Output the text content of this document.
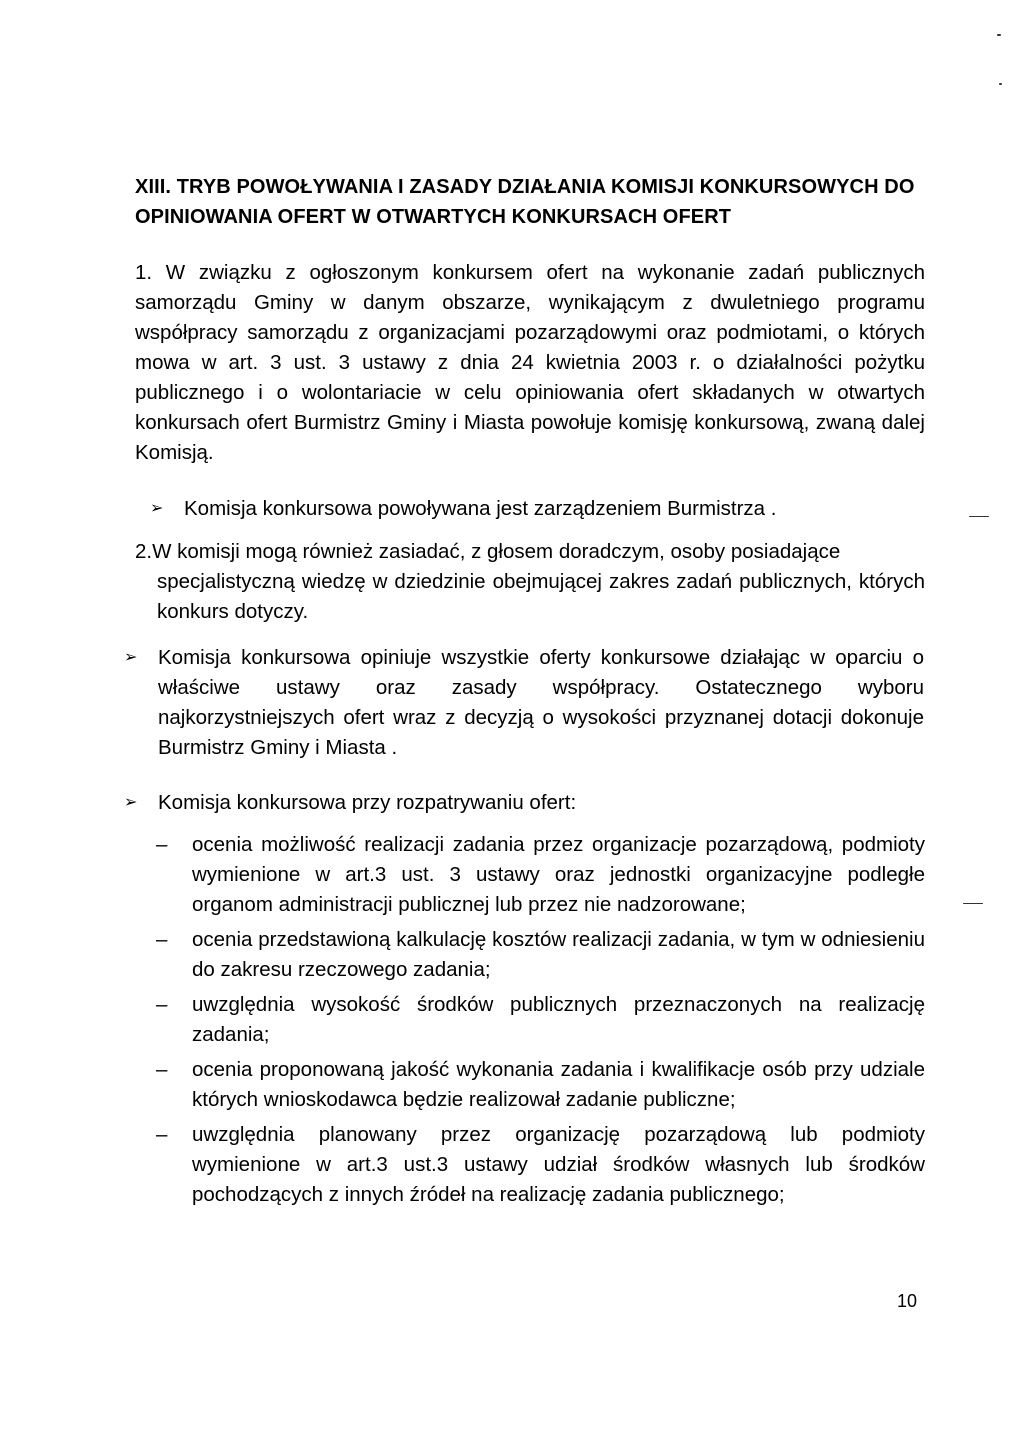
XIII. TRYB POWOŁYWANIA I ZASADY DZIAŁANIA KOMISJI KONKURSOWYCH DO
OPINIOWANIA OFERT W OTWARTYCH KONKURSACH OFERT
1. W związku z ogłoszonym konkursem ofert na wykonanie zadań publicznych samorządu Gminy w danym obszarze, wynikającym z dwuletniego programu współpracy samorządu z organizacjami pozarządowymi oraz podmiotami, o których mowa w art. 3 ust. 3 ustawy z dnia 24 kwietnia 2003 r. o działalności pożytku publicznego i o wolontariacie w celu opiniowania ofert składanych w otwartych konkursach ofert Burmistrz Gminy i Miasta powołuje komisję konkursową, zwaną dalej Komisją.
➢	Komisja konkursowa powoływana jest zarządzeniem Burmistrza .
2.W komisji mogą również zasiadać, z głosem doradczym, osoby posiadające
specjalistyczną wiedzę w dziedzinie obejmującej zakres zadań publicznych, których konkurs dotyczy.
➢	Komisja konkursowa opiniuje wszystkie oferty konkursowe działając w oparciu o właściwe ustawy oraz zasady współpracy. Ostatecznego wyboru najkorzystniejszych ofert wraz z decyzją o wysokości przyznanej dotacji dokonuje Burmistrz Gminy i Miasta .
➢	Komisja konkursowa przy rozpatrywaniu ofert:
–	ocenia możliwość realizacji zadania przez organizacje pozarządową, podmioty wymienione w art.3 ust. 3 ustawy oraz jednostki organizacyjne podległe organom administracji publicznej lub przez nie nadzorowane;
–	ocenia przedstawioną kalkulację kosztów realizacji zadania, w tym w odniesieniu do zakresu rzeczowego zadania;
–	uwzględnia wysokość środków publicznych przeznaczonych na realizację zadania;
–	ocenia proponowaną jakość wykonania zadania i kwalifikacje osób przy udziale których wnioskodawca będzie realizował zadanie publiczne;
–	uwzględnia planowany przez organizację pozarządową lub podmioty wymienione w art.3 ust.3 ustawy udział środków własnych lub środków pochodzących z innych źródeł na realizację zadania publicznego;
10
